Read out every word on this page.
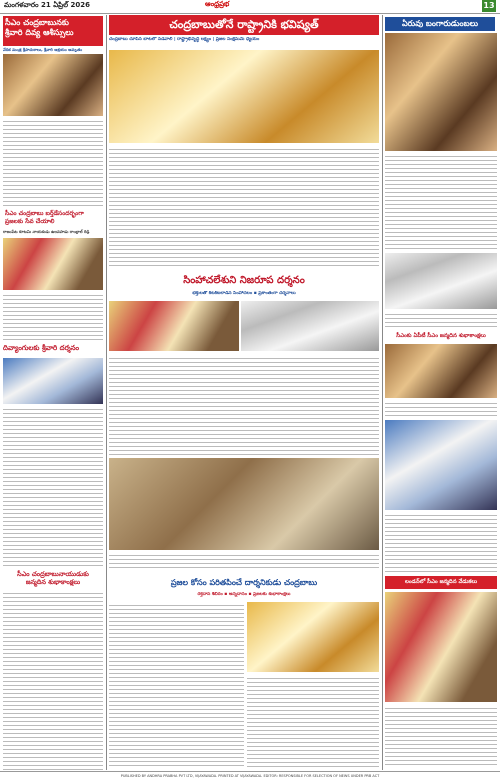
మంగళవారం 21 ఏప్రిల్ 2026	ఆంధ్రప్రభ	13
సీఎం చంద్రబాబునకు
శ్రీవారి దివ్య ఆశీస్సులు
వేదిక మంత్ర శ్రీపాదుకాలు, శ్రీవారి ఆశ్రయం అమృతం
సీఎం చంద్రబాబు బర్త్‌డేసందర్భంగా
ప్రజలకు సేవ చేయాలి
రాజంపేట కూటమి నాయకుడు ఉలవపాడు రాంబ్లాల్ రెడ్డి
దివ్యాంగులకు శ్రీవారి దర్శనం
సీఎం చంద్రబాబునాయుడుకు
జన్మదిన శుభాకాంక్షలు
చంద్రబాబుతోనే రాష్ట్రానికి భవిష్యత్
చంద్రబాబు చూపిన బాటలో నడవాలి | రాష్ట్రాభివృద్ధి లక్ష్యం | ప్రజల సంక్షేమమే ధ్యేయం
ఏరువు బంగారుడుంబలు
సింహాచలేశుని నిజరూప దర్శనం
భక్తులతో కిటకిటలాడిన సింహాచలం ▪ ప్రశాంతంగా దర్శనాలు
సీఎంకు ఏపీటీ సీఎం జన్మదిన శుభాకాంక్షలు
ప్రజల కోసం పరితపించే దార్శనికుడు చంద్రబాబు
రక్తదాన శిబిరం ▪ అన్నదానం ▪ ప్రజలకు శుభాకాంక్షలు
లండన్‌లో సీఎం జన్మదిన వేడుకలు
PUBLISHED BY ANDHRA PRABHA PVT LTD, VIJAYAWADA. PRINTED AT VIJAYAWADA. EDITOR: RESPONSIBLE FOR SELECTION OF NEWS UNDER PRB ACT
